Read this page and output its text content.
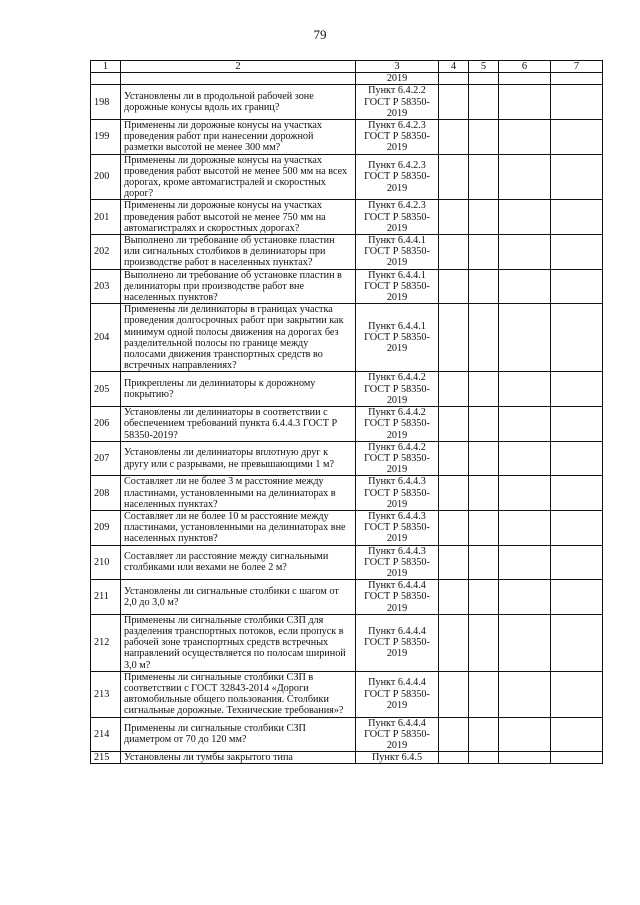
79
1	2	3	4	5	6	7
		2019				
198	Установлены ли в продольной рабочей зоне дорожные конусы вдоль их границ?	Пункт 6.4.2.2 ГОСТ Р 58350-2019				
199	Применены ли дорожные конусы на участках проведения работ при нанесении дорожной разметки высотой не менее 300 мм?	Пункт 6.4.2.3 ГОСТ Р 58350-2019				
200	Применены ли дорожные конусы на участках проведения работ высотой не менее 500 мм на всех дорогах, кроме автомагистралей и скоростных дорог?	Пункт 6.4.2.3 ГОСТ Р 58350-2019				
201	Применены ли дорожные конусы на участках проведения работ высотой не менее 750 мм на автомагистралях и скоростных дорогах?	Пункт 6.4.2.3 ГОСТ Р 58350-2019				
202	Выполнено ли требование об установке пластин или сигнальных столбиков в делиниаторы при производстве работ в населенных пунктах?	Пункт 6.4.4.1 ГОСТ Р 58350-2019				
203	Выполнено ли требование об установке пластин в делиниаторы при производстве работ вне населенных пунктов?	Пункт 6.4.4.1 ГОСТ Р 58350-2019				
204	Применены ли делиниаторы в границах участка проведения долгосрочных работ при закрытии как минимум одной полосы движения на дорогах без разделительной полосы по границе между полосами движения транспортных средств во встречных направлениях?	Пункт 6.4.4.1 ГОСТ Р 58350-2019				
205	Прикреплены ли делиниаторы к дорожному покрытию?	Пункт 6.4.4.2 ГОСТ Р 58350-2019				
206	Установлены ли делиниаторы в соответствии с обеспечением требований пункта 6.4.4.3 ГОСТ Р 58350-2019?	Пункт 6.4.4.2 ГОСТ Р 58350-2019				
207	Установлены ли делиниаторы вплотную друг к другу или с разрывами, не превышающими 1 м?	Пункт 6.4.4.2 ГОСТ Р 58350-2019				
208	Составляет ли не более 3 м расстояние между пластинами, установленными на делиниаторах в населенных пунктах?	Пункт 6.4.4.3 ГОСТ Р 58350-2019				
209	Составляет ли не более 10 м расстояние между пластинами, установленными на делиниаторах вне населенных пунктов?	Пункт 6.4.4.3 ГОСТ Р 58350-2019				
210	Составляет ли расстояние между сигнальными столбиками или вехами не более 2 м?	Пункт 6.4.4.3 ГОСТ Р 58350-2019				
211	Установлены ли сигнальные столбики с шагом от 2,0 до 3,0 м?	Пункт 6.4.4.4 ГОСТ Р 58350-2019				
212	Применены ли сигнальные столбики СЗП для разделения транспортных потоков, если пропуск в рабочей зоне транспортных средств встречных направлений осуществляется по полосам шириной 3,0 м?	Пункт 6.4.4.4 ГОСТ Р 58350-2019				
213	Применены ли сигнальные столбики СЗП в соответствии с ГОСТ 32843-2014 «Дороги автомобильные общего пользования. Столбики сигнальные дорожные. Технические требования»?	Пункт 6.4.4.4 ГОСТ Р 58350-2019				
214	Применены ли сигнальные столбики СЗП диаметром от 70 до 120 мм?	Пункт 6.4.4.4 ГОСТ Р 58350-2019				
215	Установлены ли тумбы закрытого типа	Пункт 6.4.5				
